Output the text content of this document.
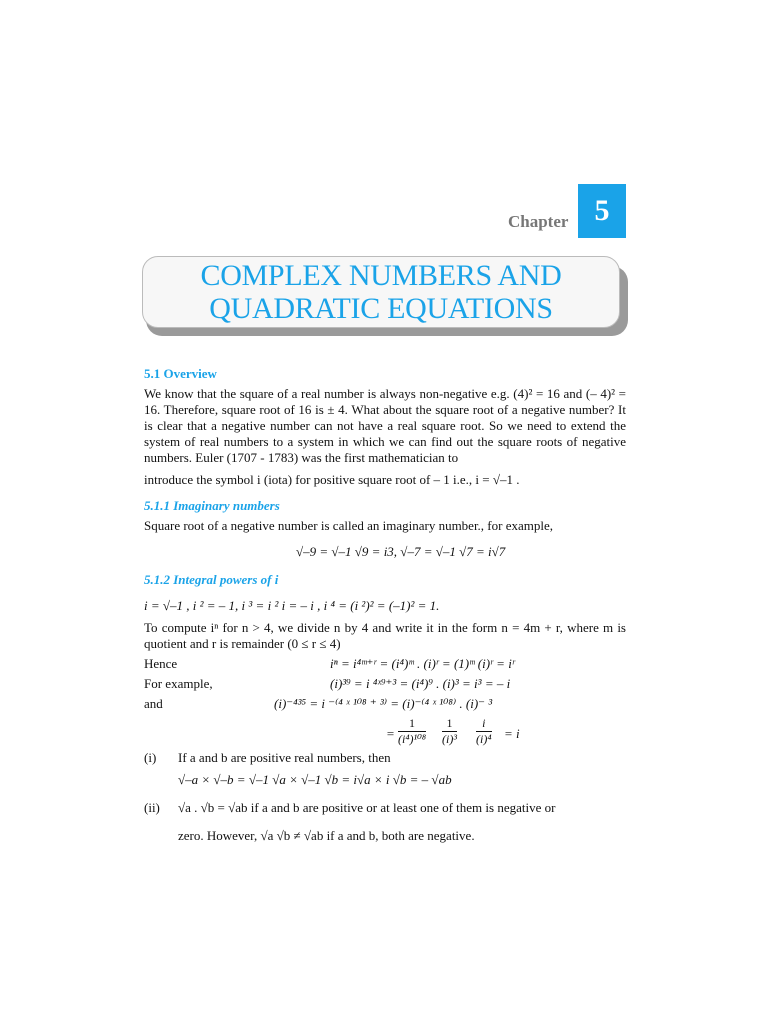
Chapter 5
COMPLEX NUMBERS AND
QUADRATIC EQUATIONS
5.1 Overview
We know that the square of a real number is always non-negative e.g. (4)² = 16 and (– 4)² = 16. Therefore, square root of 16 is ± 4. What about the square root of a negative number? It is clear that a negative number can not have a real square root. So we need to extend the system of real numbers to a system in which we can find out the square roots of negative numbers. Euler (1707 - 1783) was the first mathematician to
introduce the symbol i (iota) for positive square root of – 1 i.e., i = √–1 .
5.1.1 Imaginary numbers
Square root of a negative number is called an imaginary number., for example,
√–9 = √–1 √9 = i3, √–7 = √–1 √7 = i√7
5.1.2 Integral powers of i
i = √–1 , i ² = – 1, i ³ = i ² i = – i , i ⁴ = (i ²)² = (–1)² = 1.
To compute iⁿ for n > 4, we divide n by 4 and write it in the form n = 4m + r, where m is quotient and r is remainder (0 ≤ r ≤ 4)
Hence	iⁿ = i⁴ᵐ⁺ʳ = (i⁴)ᵐ . (i)ʳ = (1)ᵐ (i)ʳ = iʳ
For example,	(i)³⁹ = i ⁴ˣ⁹⁺³ = (i⁴)⁹ . (i)³ = i³ = – i
and	(i)⁻⁴³⁵ = i ⁻⁽⁴ ˣ ¹⁰⁸ ⁺ ³⁾ = (i)⁻⁽⁴ ˣ ¹⁰⁸⁾ . (i)⁻ ³
= $\frac{1}{\text{(i⁴)¹⁰⁸}} \frac{1}{\text{(i)³}} \frac{i}{\text{(i)⁴}} = i$
(i) If a and b are positive real numbers, then
√–a × √–b = √–1 √a × √–1 √b = i√a × i √b = – √ab
(ii) √a . √b = √ab if a and b are positive or at least one of them is negative or
zero. However, √a √b ≠ √ab if a and b, both are negative.
